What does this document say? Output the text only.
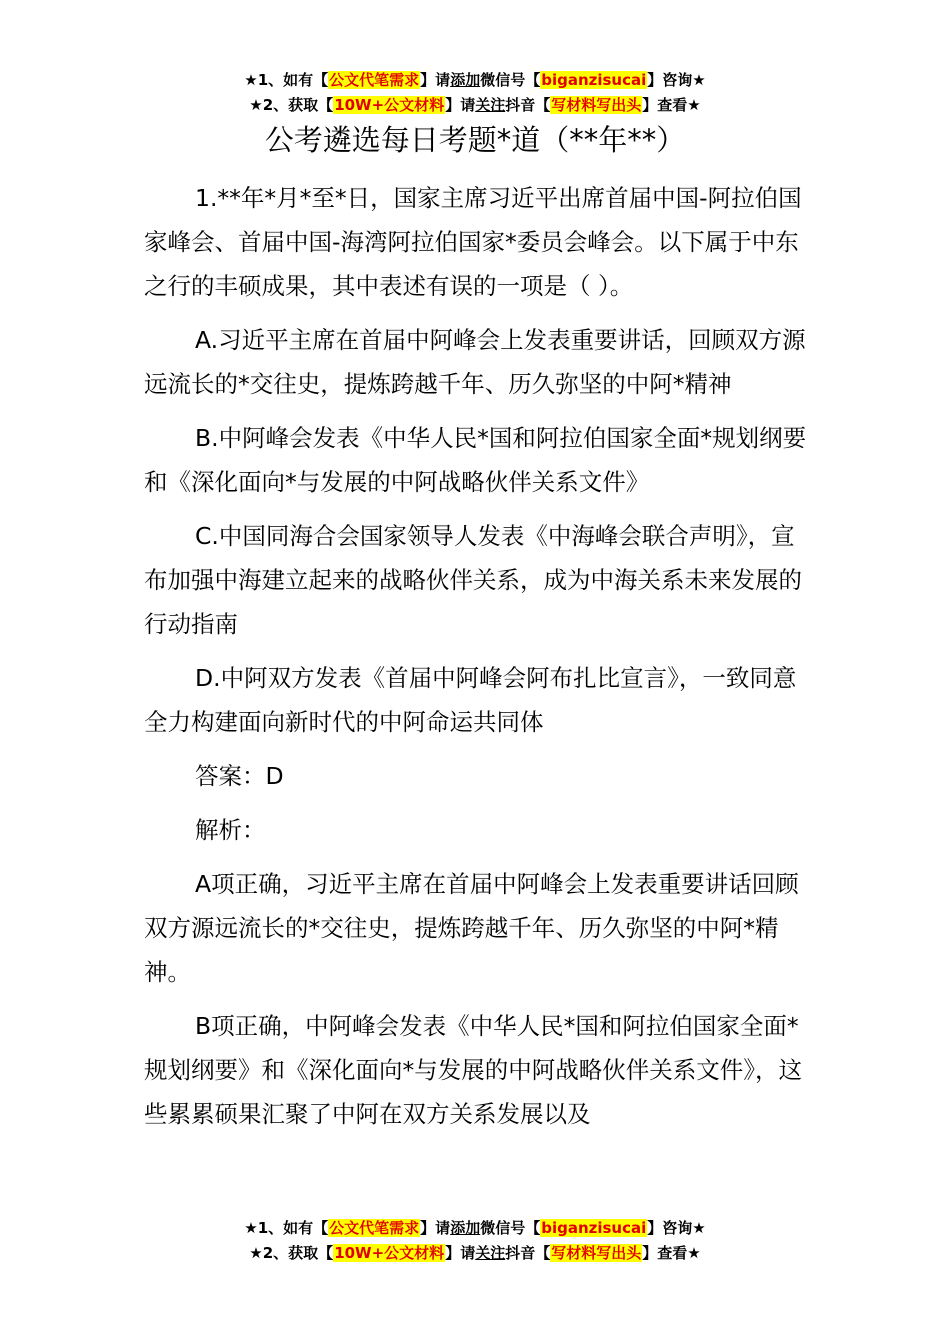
★1、如有【公文代笔需求】请添加微信号【biganzisucai】咨询★
★2、获取【10W+公文材料】请关注抖音【写材料写出头】查看★
公考遴选每日考题*道（**年**）

1.**年*月*至*日，国家主席习近平出席首届中国-阿拉伯国家峰会、首届中国-海湾阿拉伯国家*委员会峰会。以下属于中东之行的丰硕成果，其中表述有误的一项是（ ）。

A.习近平主席在首届中阿峰会上发表重要讲话，回顾双方源远流长的*交往史，提炼跨越千年、历久弥坚的中阿*精神

B.中阿峰会发表《中华人民*国和阿拉伯国家全面*规划纲要和《深化面向*与发展的中阿战略伙伴关系文件》

C.中国同海合会国家领导人发表《中海峰会联合声明》，宣布加强中海建立起来的战略伙伴关系，成为中海关系未来发展的行动指南

D.中阿双方发表《首届中阿峰会阿布扎比宣言》，一致同意全力构建面向新时代的中阿命运共同体

答案：D

解析：

A项正确，习近平主席在首届中阿峰会上发表重要讲话回顾双方源远流长的*交往史，提炼跨越千年、历久弥坚的中阿*精神。

B项正确，中阿峰会发表《中华人民*国和阿拉伯国家全面*规划纲要》和《深化面向*与发展的中阿战略伙伴关系文件》，这些累累硕果汇聚了中阿在双方关系发展以及

★1、如有【公文代笔需求】请添加微信号【biganzisucai】咨询★
★2、获取【10W+公文材料】请关注抖音【写材料写出头】查看★
